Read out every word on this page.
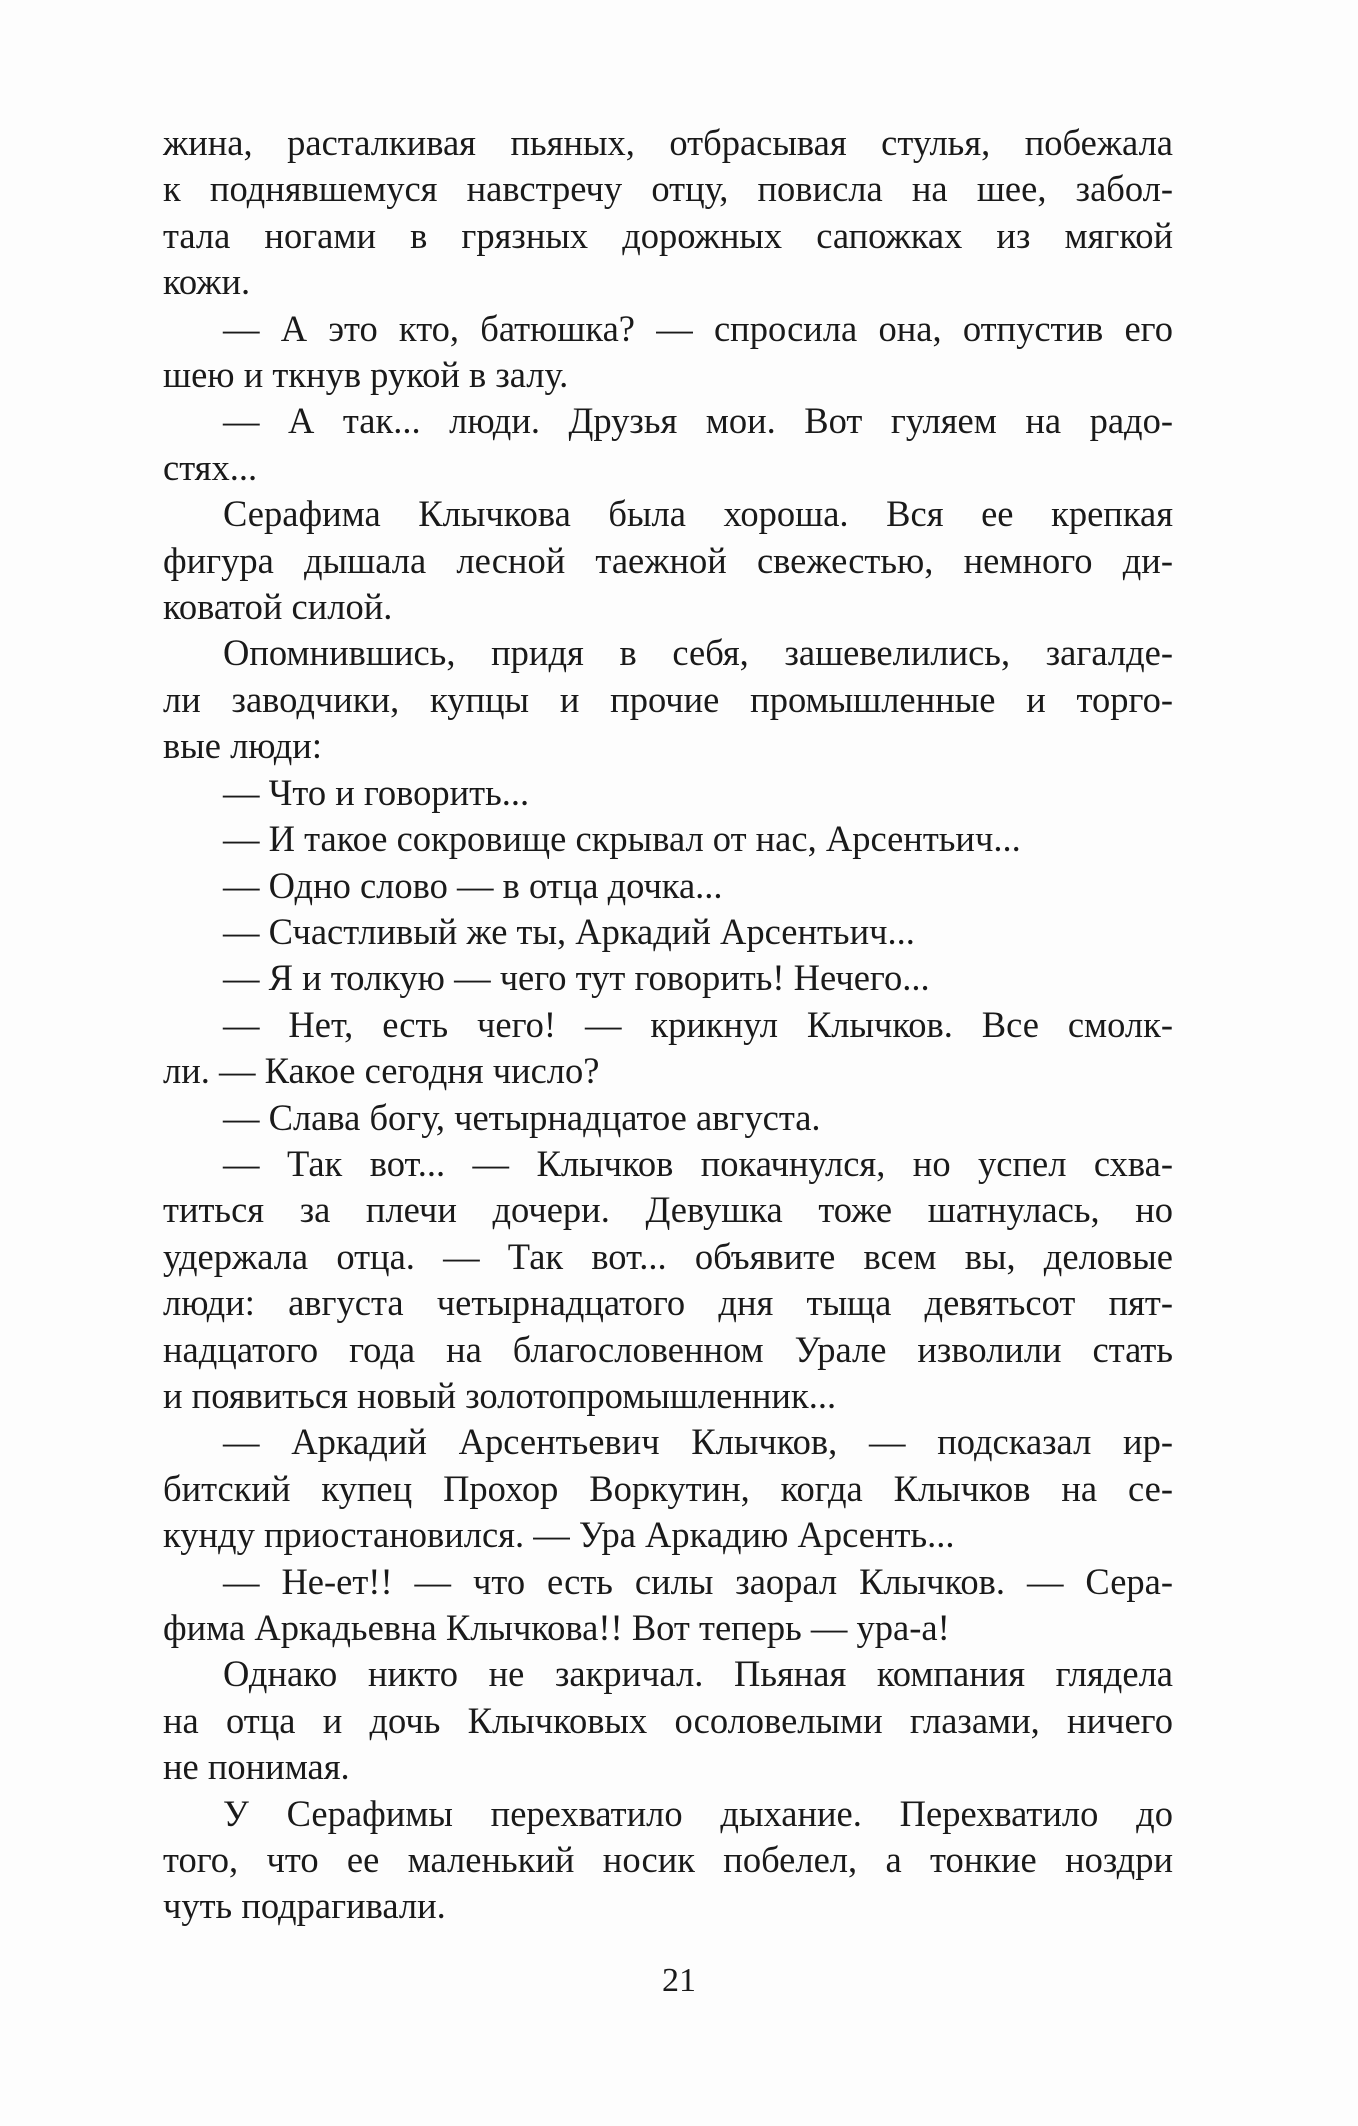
жина, расталкивая пьяных, отбрасывая стулья, побежала
к поднявшемуся навстречу отцу, повисла на шее, забол-
тала ногами в грязных дорожных сапожках из мягкой
кожи.
— А это кто, батюшка? — спросила она, отпустив его
шею и ткнув рукой в залу.
— А так... люди. Друзья мои. Вот гуляем на радо-
стях...
Серафима Клычкова была хороша. Вся ее крепкая
фигура дышала лесной таежной свежестью, немного ди-
коватой силой.
Опомнившись, придя в себя, зашевелились, загалде-
ли заводчики, купцы и прочие промышленные и торго-
вые люди:
— Что и говорить...
— И такое сокровище скрывал от нас, Арсентьич...
— Одно слово — в отца дочка...
— Счастливый же ты, Аркадий Арсентьич...
— Я и толкую — чего тут говорить! Нечего...
— Нет, есть чего! — крикнул Клычков. Все смолк-
ли. — Какое сегодня число?
— Слава богу, четырнадцатое августа.
— Так вот... — Клычков покачнулся, но успел схва-
титься за плечи дочери. Девушка тоже шатнулась, но
удержала отца. — Так вот... объявите всем вы, деловые
люди: августа четырнадцатого дня тыща девятьсот пят-
надцатого года на благословенном Урале изволили стать
и появиться новый золотопромышленник...
— Аркадий Арсентьевич Клычков, — подсказал ир-
битский купец Прохор Воркутин, когда Клычков на се-
кунду приостановился. — Ура Аркадию Арсенть...
— Не-ет!! — что есть силы заорал Клычков. — Сера-
фима Аркадьевна Клычкова!! Вот теперь — ура-а!
Однако никто не закричал. Пьяная компания глядела
на отца и дочь Клычковых осоловелыми глазами, ничего
не понимая.
У Серафимы перехватило дыхание. Перехватило до
того, что ее маленький носик побелел, а тонкие ноздри
чуть подрагивали.
21
